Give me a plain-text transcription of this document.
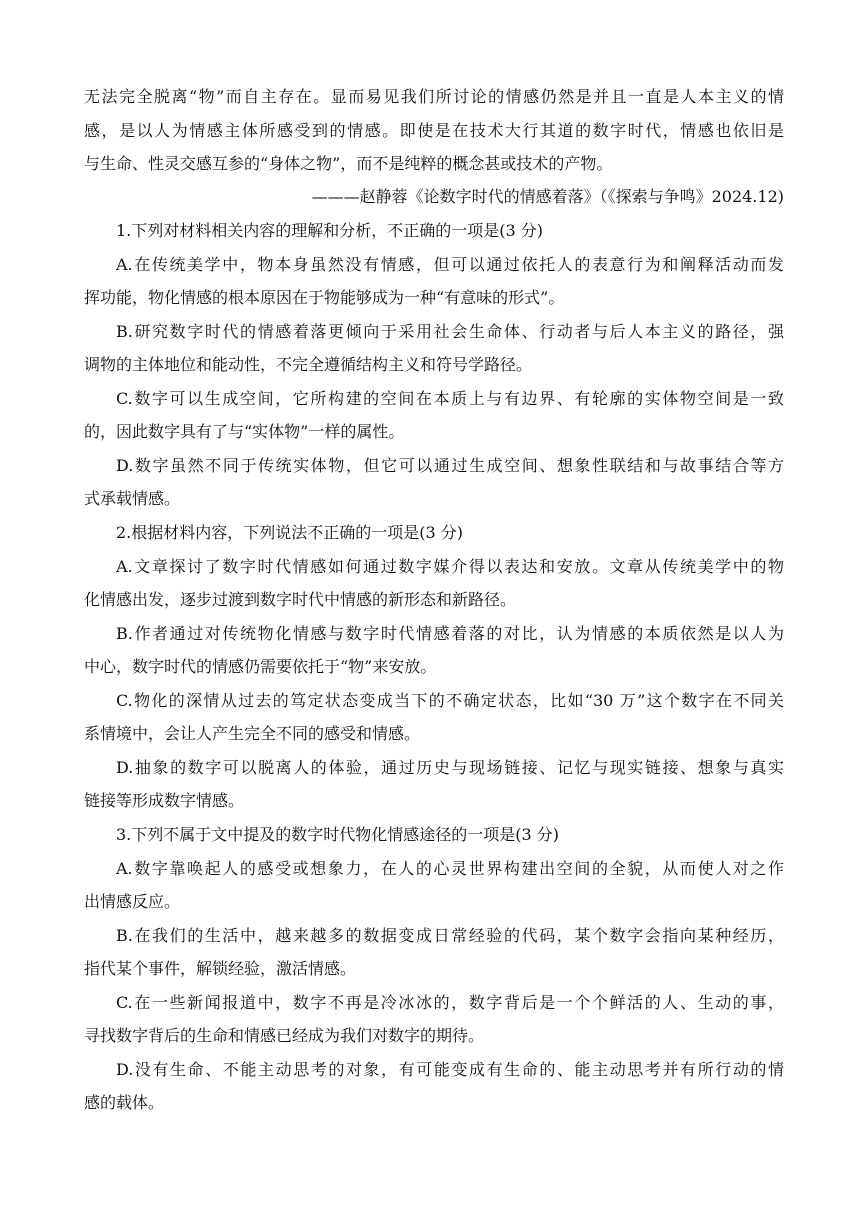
无法完全脱离“物”而自主存在。显而易见我们所讨论的情感仍然是并且一直是人本主义的情
感，是以人为情感主体所感受到的情感。即使是在技术大行其道的数字时代，情感也依旧是
与生命、性灵交感互参的“身体之物”，而不是纯粹的概念甚或技术的产物。
———赵静蓉《论数字时代的情感着落》（《探索与争鸣》2024.12)
1.下列对材料相关内容的理解和分析，不正确的一项是(3 分)
A.在传统美学中，物本身虽然没有情感，但可以通过依托人的表意行为和阐释活动而发
挥功能，物化情感的根本原因在于物能够成为一种“有意味的形式”。
B.研究数字时代的情感着落更倾向于采用社会生命体、行动者与后人本主义的路径，强
调物的主体地位和能动性，不完全遵循结构主义和符号学路径。
C.数字可以生成空间，它所构建的空间在本质上与有边界、有轮廓的实体物空间是一致
的，因此数字具有了与“实体物”一样的属性。
D.数字虽然不同于传统实体物，但它可以通过生成空间、想象性联结和与故事结合等方
式承载情感。
2.根据材料内容，下列说法不正确的一项是(3 分)
A.文章探讨了数字时代情感如何通过数字媒介得以表达和安放。文章从传统美学中的物
化情感出发，逐步过渡到数字时代中情感的新形态和新路径。
B.作者通过对传统物化情感与数字时代情感着落的对比，认为情感的本质依然是以人为
中心，数字时代的情感仍需要依托于“物”来安放。
C.物化的深情从过去的笃定状态变成当下的不确定状态，比如“30 万”这个数字在不同关
系情境中，会让人产生完全不同的感受和情感。
D.抽象的数字可以脱离人的体验，通过历史与现场链接、记忆与现实链接、想象与真实
链接等形成数字情感。
3.下列不属于文中提及的数字时代物化情感途径的一项是(3 分)
A.数字靠唤起人的感受或想象力，在人的心灵世界构建出空间的全貌，从而使人对之作
出情感反应。
B.在我们的生活中，越来越多的数据变成日常经验的代码，某个数字会指向某种经历，
指代某个事件，解锁经验，激活情感。
C.在一些新闻报道中，数字不再是冷冰冰的，数字背后是一个个鲜活的人、生动的事，
寻找数字背后的生命和情感已经成为我们对数字的期待。
D.没有生命、不能主动思考的对象，有可能变成有生命的、能主动思考并有所行动的情
感的载体。
